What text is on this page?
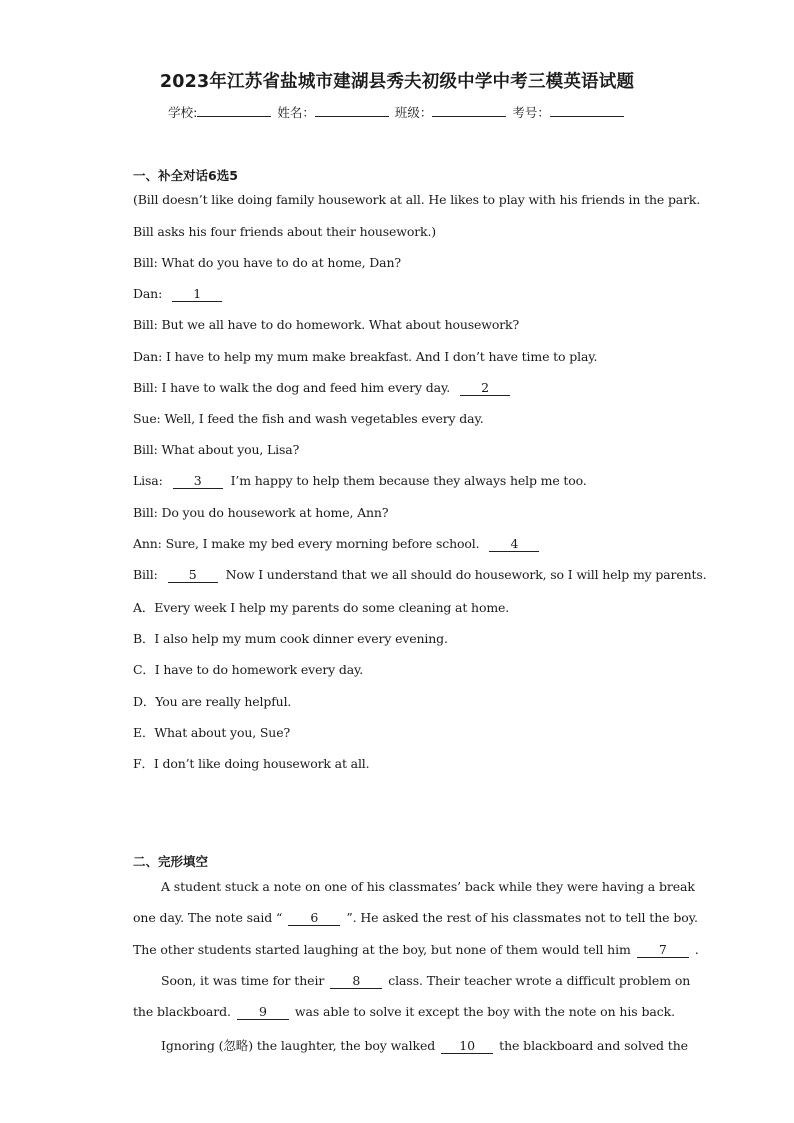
2023年江苏省盐城市建湖县秀夫初级中学中考三模英语试题
学校:	姓名：	班级：	考号：
一、补全对话6选5
(Bill doesn’t like doing family housework at all. He likes to play with his friends in the park.
Bill asks his four friends about their housework.)
Bill: What do you have to do at home, Dan?
Dan: 1
Bill: But we all have to do homework. What about housework?
Dan: I have to help my mum make breakfast. And I don’t have time to play.
Bill: I have to walk the dog and feed him every day. 2
Sue: Well, I feed the fish and wash vegetables every day.
Bill: What about you, Lisa?
Lisa: 3 I’m happy to help them because they always help me too.
Bill: Do you do housework at home, Ann?
Ann: Sure, I make my bed every morning before school. 4
Bill: 5 Now I understand that we all should do housework, so I will help my parents.
A．Every week I help my parents do some cleaning at home.
B．I also help my mum cook dinner every evening.
C．I have to do homework every day.
D．You are really helpful.
E．What about you, Sue?
F．I don’t like doing housework at all.
二、完形填空
A student stuck a note on one of his classmates’ back while they were having a break
one day. The note said “ 6 ”. He asked the rest of his classmates not to tell the boy.
The other students started laughing at the boy, but none of them would tell him 7 .
Soon, it was time for their 8 class. Their teacher wrote a difficult problem on
the blackboard. 9 was able to solve it except the boy with the note on his back.
Ignoring (忽略) the laughter, the boy walked 10 the blackboard and solved the
